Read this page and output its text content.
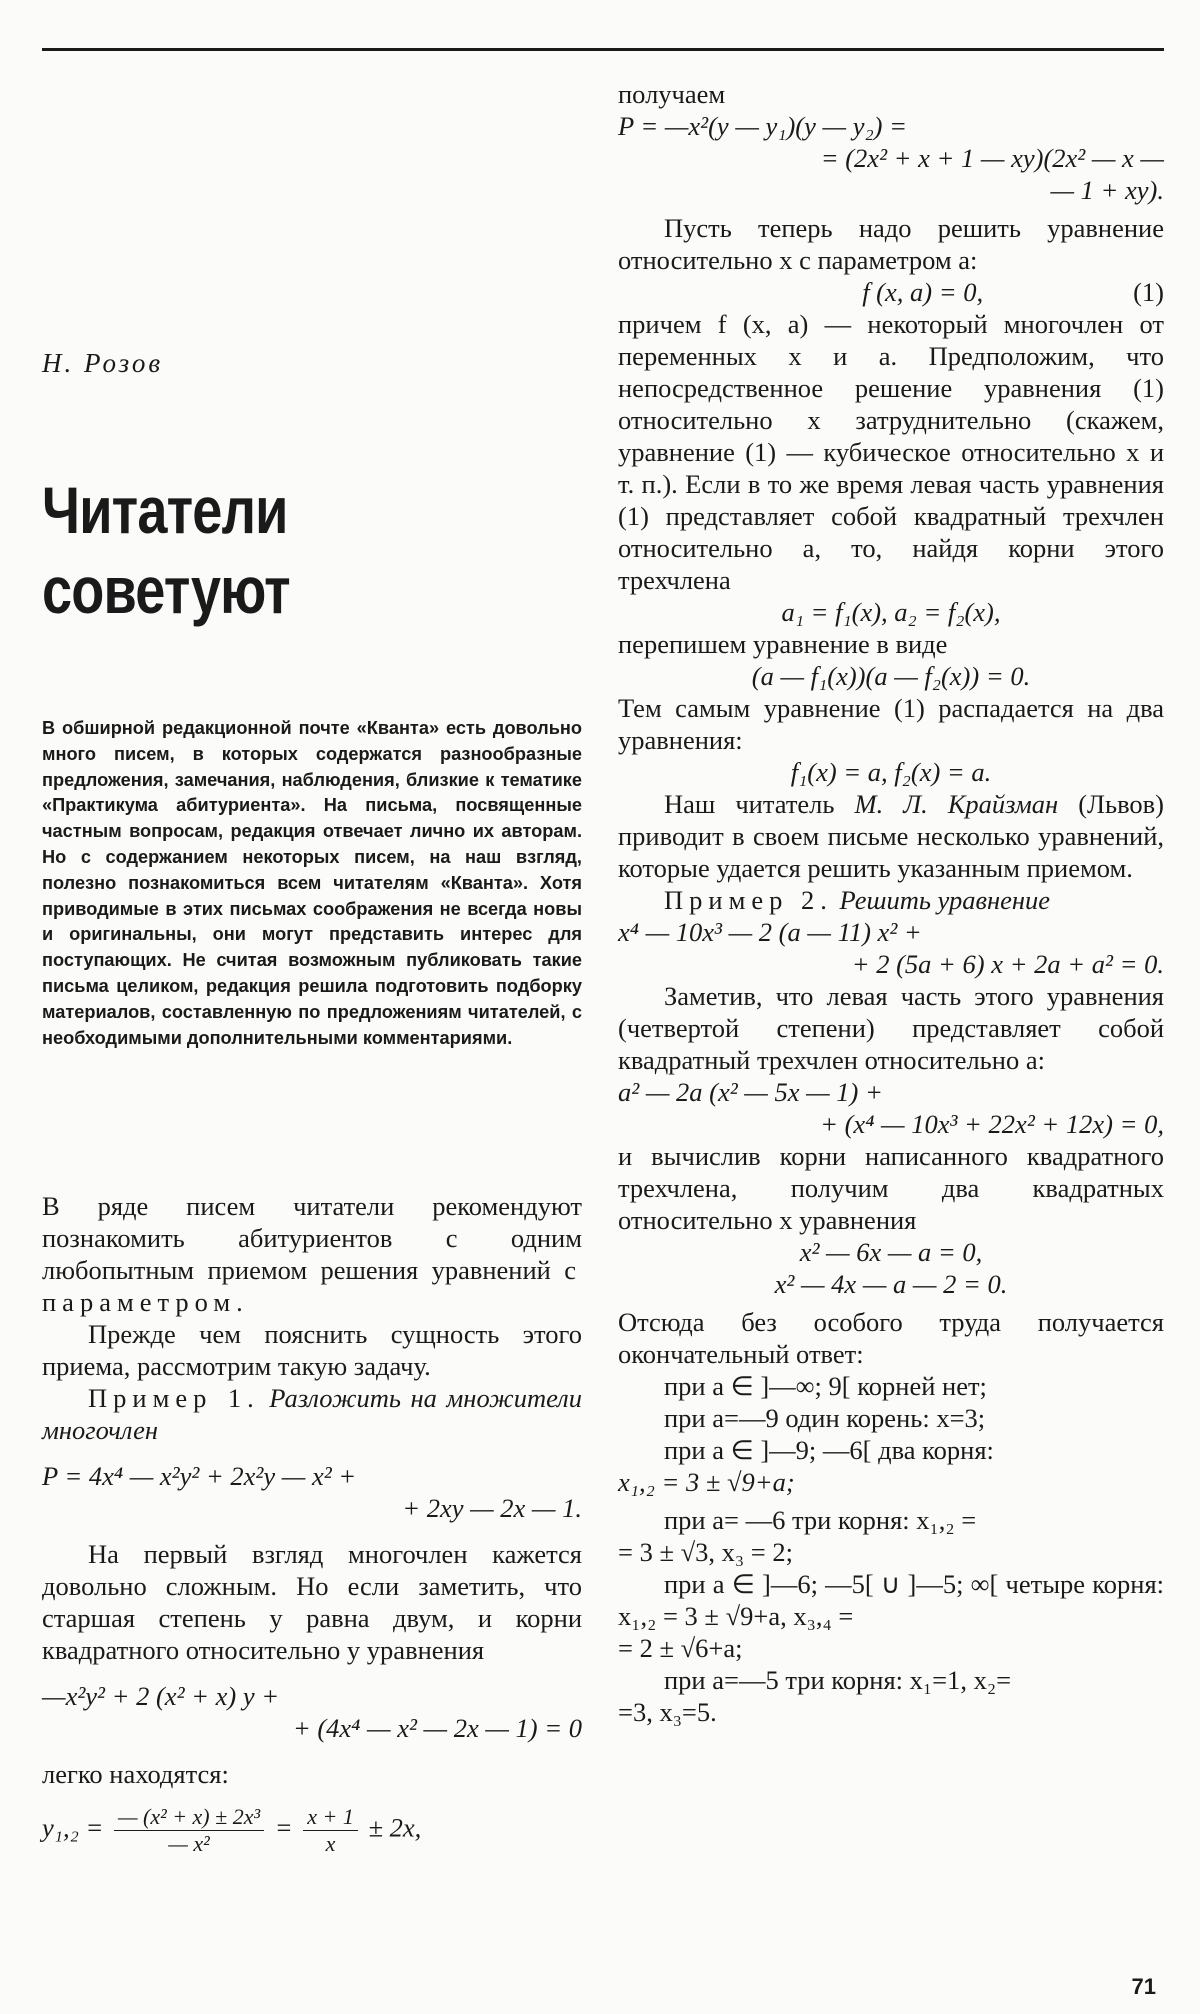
Н. Розов
Читатели
советуют
В обширной редакционной почте «Кванта» есть довольно много писем, в которых содержатся разнообразные предложения, замечания, наблюдения, близкие к тематике «Практикума абитуриента». На письма, посвященные частным вопросам, редакция отвечает лично их авторам. Но с содержанием некоторых писем, на наш взгляд, полезно познакомиться всем читателям «Кванта». Хотя приводимые в этих письмах соображения не всегда новы и оригинальны, они могут представить интерес для поступающих. Не считая возможным публиковать такие письма целиком, редакция решила подготовить подборку материалов, составленную по предложениям читателей, с необходимыми дополнительными комментариями.

В ряде писем читатели рекомендуют познакомить абитуриентов с одним любопытным приемом решения уравнений с параметром.

Прежде чем пояснить сущность этого приема, рассмотрим такую задачу.

Пример 1. Разложить на множители многочлен

P = 4x⁴ — x²y² + 2x²y — x² +
+ 2xy — 2x — 1.

На первый взгляд многочлен кажется довольно сложным. Но если заметить, что старшая степень y равна двум, и корни квадратного относительно y уравнения

—x²y² + 2 (x² + x) y +
+ (4x⁴ — x² — 2x — 1) = 0

легко находятся:

$y_1,_2 = \frac{\text{— (x² + x) ± 2x³}}{\text{— x²}} = \frac{x + 1}{x} \pm 2x$,

получаем

P = —x²(y — y₁)(y — y₂) =
= (2x² + x + 1 — xy)(2x² — x —
— 1 + xy).

Пусть теперь надо решить уравнение относительно x с параметром a:

f (x, a) = 0,	(1)

причем f (x, a) — некоторый многочлен от переменных x и a. Предположим, что непосредственное решение уравнения (1) относительно x затруднительно (скажем, уравнение (1) — кубическое относительно x и т. п.). Если в то же время левая часть уравнения (1) представляет собой квадратный трехчлен относительно a, то, найдя корни этого трехчлена

a₁ = f₁(x), a₂ = f₂(x),

перепишем уравнение в виде

(a — f₁(x))(a — f₂(x)) = 0.

Тем самым уравнение (1) распадается на два уравнения:

f₁(x) = a, f₂(x) = a.

Наш читатель М. Л. Крайзман (Львов) приводит в своем письме несколько уравнений, которые удается решить указанным приемом.

Пример 2. Решить уравнение

x⁴ — 10x³ — 2 (a — 11) x² +
+ 2 (5a + 6) x + 2a + a² = 0.

Заметив, что левая часть этого уравнения (четвертой степени) представляет собой квадратный трехчлен относительно a:

a² — 2a (x² — 5x — 1) +
+ (x⁴ — 10x³ + 22x² + 12x) = 0,

и вычислив корни написанного квадратного трехчлена, получим два квадратных относительно x уравнения

x² — 6x — a = 0,
x² — 4x — a — 2 = 0.

Отсюда без особого труда получается окончательный ответ:

при a ∈ ]—∞; 9[ корней нет;

при a=—9 один корень: x=3;

при a ∈ ]—9; —6[ два корня:

x₁,₂ = 3 ± √9+a;

при a= —6 три корня: x₁,₂ =

= 3 ± √3, x₃ = 2;

при a ∈ ]—6; —5[ ∪ ]—5; ∞[ четыре корня: x₁,₂ = 3 ± √9+a, x₃,₄ =

= 2 ± √6+a;

при a=—5 три корня: x₁=1, x₂=

=3, x₃=5.

71
